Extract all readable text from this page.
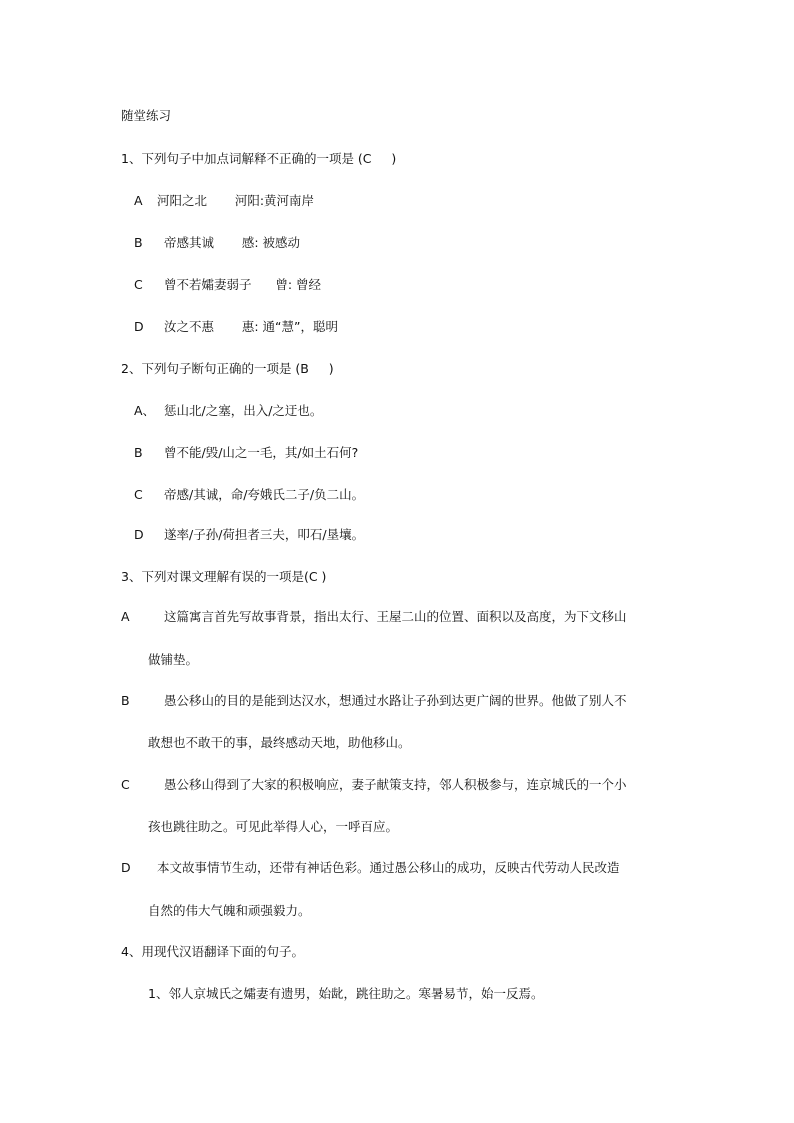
随堂练习
1、下列句子中加点词解释不正确的一项是 (C     )
A 河阳之北       河阳:黄河南岸
B 帝感其诚       感: 被感动
C 曾不若孀妻弱子      曾: 曾经
D 汝之不惠       惠: 通“慧”，聪明
2、下列句子断句正确的一项是 (B     )
A、 惩山北/之塞，出入/之迂也。
B 曾不能/毁/山之一毛，其/如土石何?
C 帝感/其诚，命/夸娥氏二子/负二山。
D 遂率/子孙/荷担者三夫，叩石/垦壤。
3、下列对课文理解有误的一项是(C )
A	这篇寓言首先写故事背景，指出太行、王屋二山的位置、面积以及高度，为下文移山
做铺垫。
B	愚公移山的目的是能到达汉水，想通过水路让子孙到达更广阔的世界。他做了别人不
敢想也不敢干的事，最终感动天地，助他移山。
C	愚公移山得到了大家的积极响应，妻子献策支持，邻人积极参与，连京城氏的一个小
孩也跳往助之。可见此举得人心，一呼百应。
D 本文故事情节生动，还带有神话色彩。通过愚公移山的成功，反映古代劳动人民改造
自然的伟大气魄和顽强毅力。
4、用现代汉语翻译下面的句子。
1、邻人京城氏之孀妻有遗男，始龀，跳往助之。寒暑易节，始一反焉。
